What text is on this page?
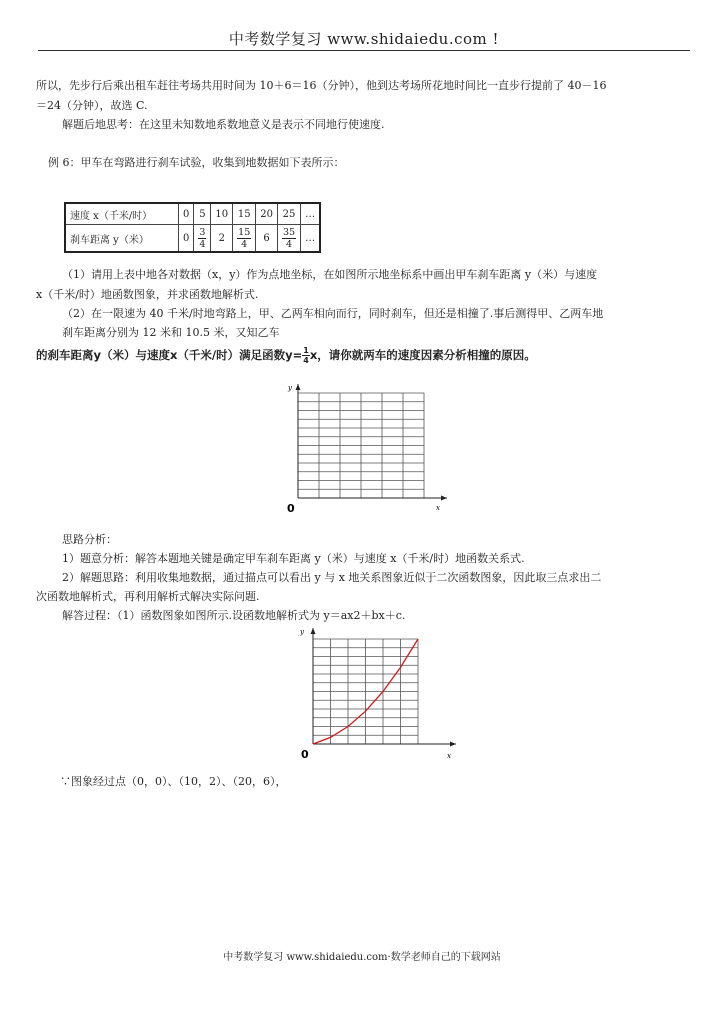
中考数学复习 www.shidaiedu.com !
所以，先步行后乘出租车赶往考场共用时间为 10＋6＝16（分钟），他到达考场所花地时间比一直步行提前了 40－16
＝24（分钟），故选 C.
解题后地思考：在这里未知数地系数地意义是表示不同地行使速度.
例 6：甲车在弯路进行刹车试验，收集到地数据如下表所示：
速度 x（千米/时）	0	5	10	15	20	25	…
刹车距离 y（米）	0	$\frac{3}{4}$	2	$\frac{15}{4}$	6	$\frac{35}{4}$	…
（1）请用上表中地各对数据（x，y）作为点地坐标，在如图所示地坐标系中画出甲车刹车距离 y（米）与速度
x（千米/时）地函数图象，并求函数地解析式.
（2）在一限速为 40 千米/时地弯路上，甲、乙两车相向而行，同时刹车，但还是相撞了.事后测得甲、乙两车地
刹车距离分别为 12 米和 10.5 米，又知乙车
的刹车距离y（米）与速度x（千米/时）满足函数$y= \frac{1}{4}$ x，请你就两车的速度因素分析相撞的原因。
0	x
y
思路分析：
1）题意分析：解答本题地关键是确定甲车刹车距离 y（米）与速度 x（千米/时）地函数关系式.
2）解题思路：利用收集地数据，通过描点可以看出 y 与 x 地关系图象近似于二次函数图象，因此取三点求出二
次函数地解析式，再利用解析式解决实际问题.
解答过程：（1）函数图象如图所示.设函数地解析式为 y＝ax2＋bx＋c.
0	x
y
∵图象经过点（0，0）、（10，2）、（20，6），
中考数学复习 www.shidaiedu.com·数学老师自己的下载网站
